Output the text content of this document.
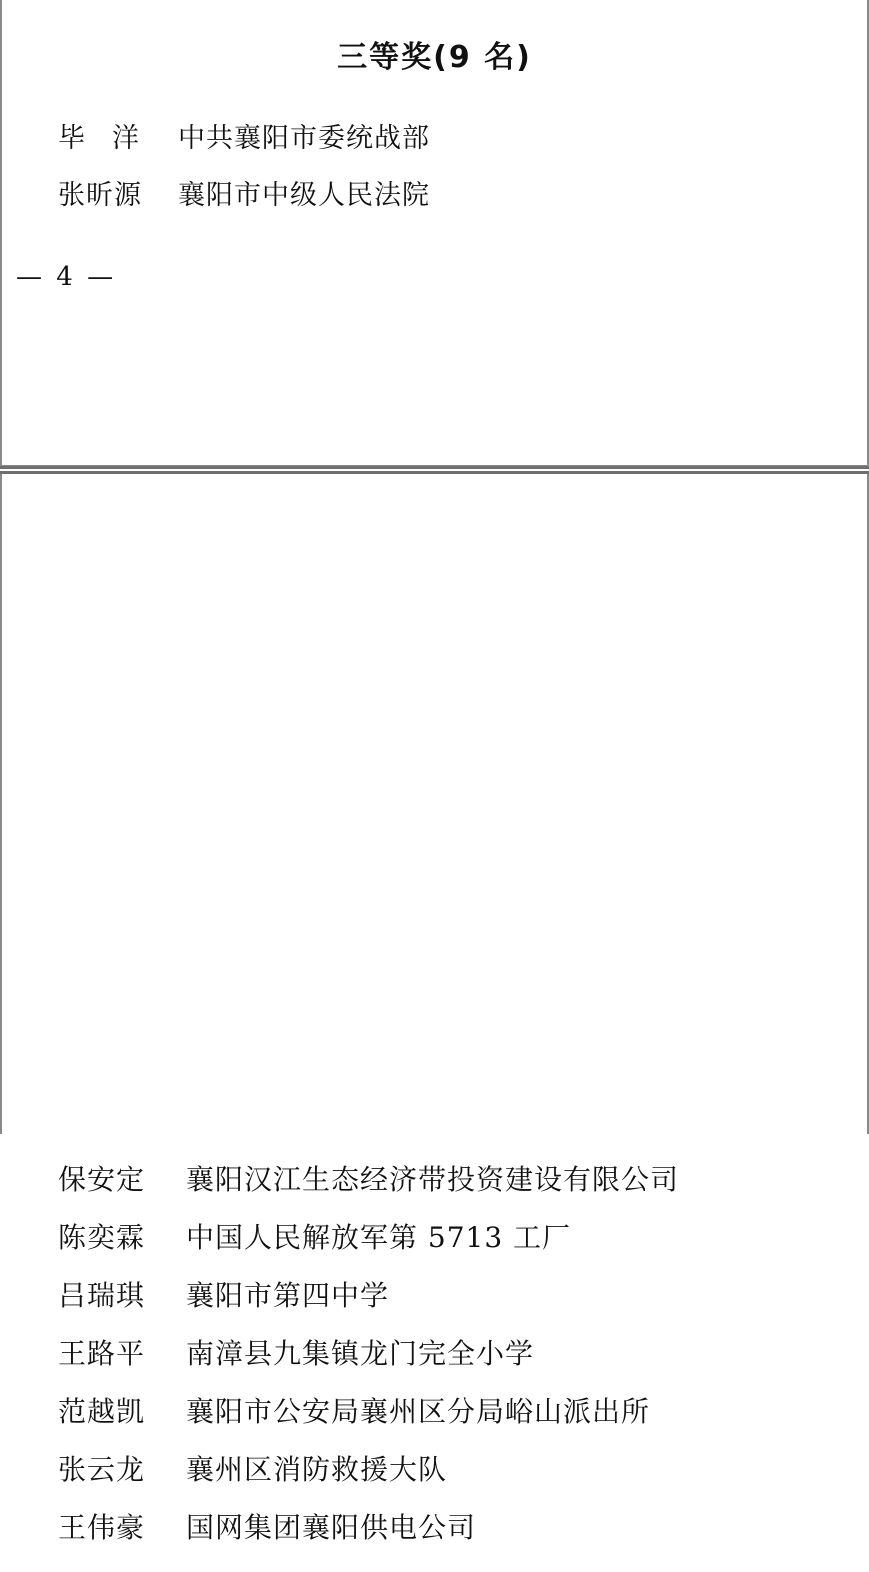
三等奖(9 名)
毕　洋	中共襄阳市委统战部
张昕源	襄阳市中级人民法院
— 4 —
保安定	襄阳汉江生态经济带投资建设有限公司
陈奕霖	中国人民解放军第 5713 工厂
吕瑞琪	襄阳市第四中学
王路平	南漳县九集镇龙门完全小学
范越凯	襄阳市公安局襄州区分局峪山派出所
张云龙	襄州区消防救援大队
王伟豪	国网集团襄阳供电公司
